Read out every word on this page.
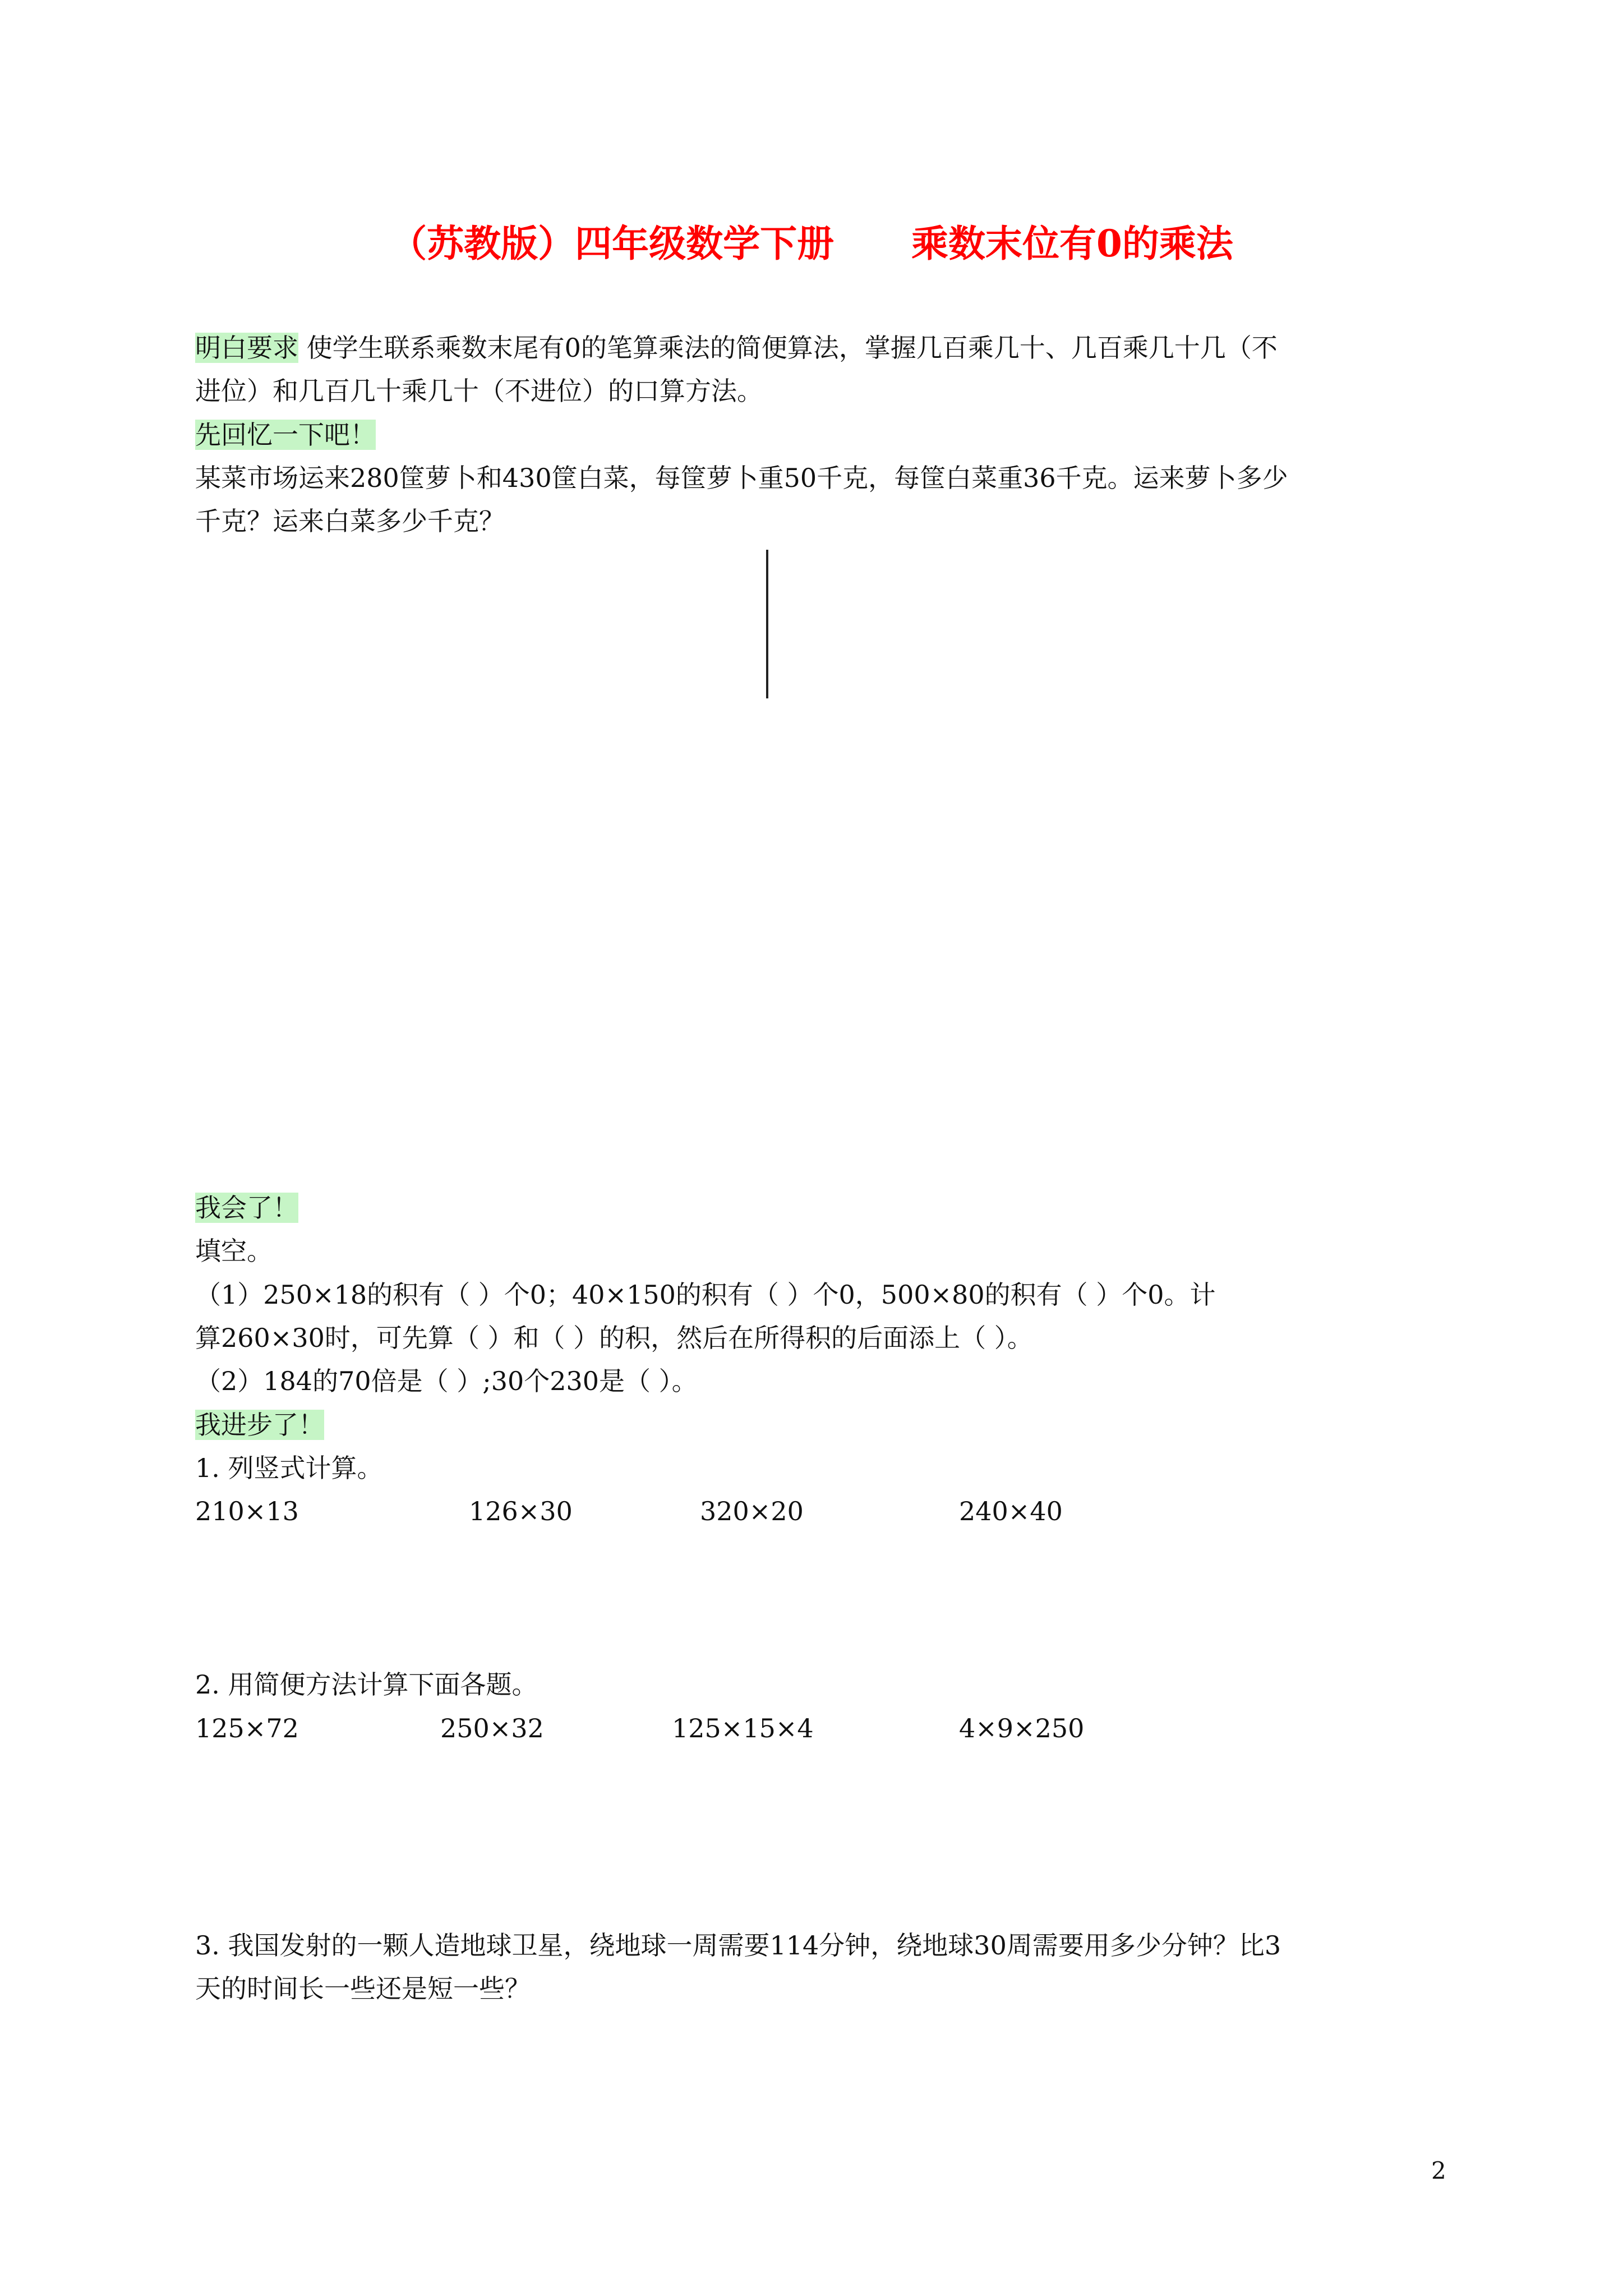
（苏教版）四年级数学下册      乘数末位有0的乘法
明白要求 使学生联系乘数末尾有0的笔算乘法的简便算法，掌握几百乘几十、几百乘几十几（不
进位）和几百几十乘几十（不进位）的口算方法。
先回忆一下吧！
某菜市场运来280筐萝卜和430筐白菜，每筐萝卜重50千克，每筐白菜重36千克。运来萝卜多少
千克？运来白菜多少千克？
我会了！
填空。
（1）250×18的积有（ ）个0；40×150的积有（ ）个0，500×80的积有（ ）个0。计
算260×30时，可先算（ ）和（ ）的积，然后在所得积的后面添上（ ）。
（2）184的70倍是（ ）;30个230是（ ）。
我进步了！
1. 列竖式计算。
210×13	126×30	320×20	240×40
2. 用简便方法计算下面各题。
125×72	250×32	125×15×4	4×9×250
3. 我国发射的一颗人造地球卫星，绕地球一周需要114分钟，绕地球30周需要用多少分钟？比3
天的时间长一些还是短一些？
2
